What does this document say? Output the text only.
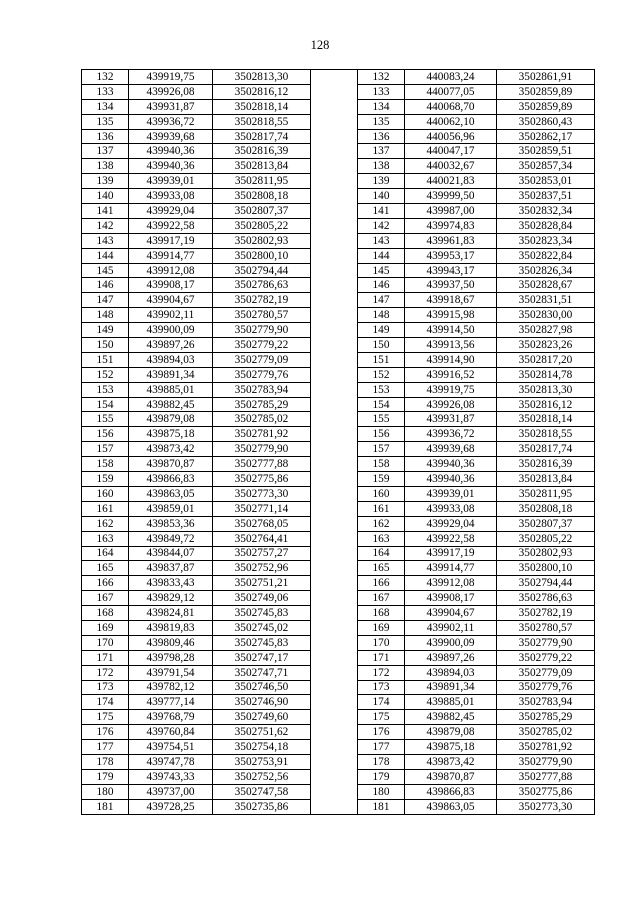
128
132	439919,75	3502813,30		132	440083,24	3502861,91
133	439926,08	3502816,12		133	440077,05	3502859,89
134	439931,87	3502818,14		134	440068,70	3502859,89
135	439936,72	3502818,55		135	440062,10	3502860,43
136	439939,68	3502817,74		136	440056,96	3502862,17
137	439940,36	3502816,39		137	440047,17	3502859,51
138	439940,36	3502813,84		138	440032,67	3502857,34
139	439939,01	3502811,95		139	440021,83	3502853,01
140	439933,08	3502808,18		140	439999,50	3502837,51
141	439929,04	3502807,37		141	439987,00	3502832,34
142	439922,58	3502805,22		142	439974,83	3502828,84
143	439917,19	3502802,93		143	439961,83	3502823,34
144	439914,77	3502800,10		144	439953,17	3502822,84
145	439912,08	3502794,44		145	439943,17	3502826,34
146	439908,17	3502786,63		146	439937,50	3502828,67
147	439904,67	3502782,19		147	439918,67	3502831,51
148	439902,11	3502780,57		148	439915,98	3502830,00
149	439900,09	3502779,90		149	439914,50	3502827,98
150	439897,26	3502779,22		150	439913,56	3502823,26
151	439894,03	3502779,09		151	439914,90	3502817,20
152	439891,34	3502779,76		152	439916,52	3502814,78
153	439885,01	3502783,94		153	439919,75	3502813,30
154	439882,45	3502785,29		154	439926,08	3502816,12
155	439879,08	3502785,02		155	439931,87	3502818,14
156	439875,18	3502781,92		156	439936,72	3502818,55
157	439873,42	3502779,90		157	439939,68	3502817,74
158	439870,87	3502777,88		158	439940,36	3502816,39
159	439866,83	3502775,86		159	439940,36	3502813,84
160	439863,05	3502773,30		160	439939,01	3502811,95
161	439859,01	3502771,14		161	439933,08	3502808,18
162	439853,36	3502768,05		162	439929,04	3502807,37
163	439849,72	3502764,41		163	439922,58	3502805,22
164	439844,07	3502757,27		164	439917,19	3502802,93
165	439837,87	3502752,96		165	439914,77	3502800,10
166	439833,43	3502751,21		166	439912,08	3502794,44
167	439829,12	3502749,06		167	439908,17	3502786,63
168	439824,81	3502745,83		168	439904,67	3502782,19
169	439819,83	3502745,02		169	439902,11	3502780,57
170	439809,46	3502745,83		170	439900,09	3502779,90
171	439798,28	3502747,17		171	439897,26	3502779,22
172	439791,54	3502747,71		172	439894,03	3502779,09
173	439782,12	3502746,50		173	439891,34	3502779,76
174	439777,14	3502746,90		174	439885,01	3502783,94
175	439768,79	3502749,60		175	439882,45	3502785,29
176	439760,84	3502751,62		176	439879,08	3502785,02
177	439754,51	3502754,18		177	439875,18	3502781,92
178	439747,78	3502753,91		178	439873,42	3502779,90
179	439743,33	3502752,56		179	439870,87	3502777,88
180	439737,00	3502747,58		180	439866,83	3502775,86
181	439728,25	3502735,86		181	439863,05	3502773,30
